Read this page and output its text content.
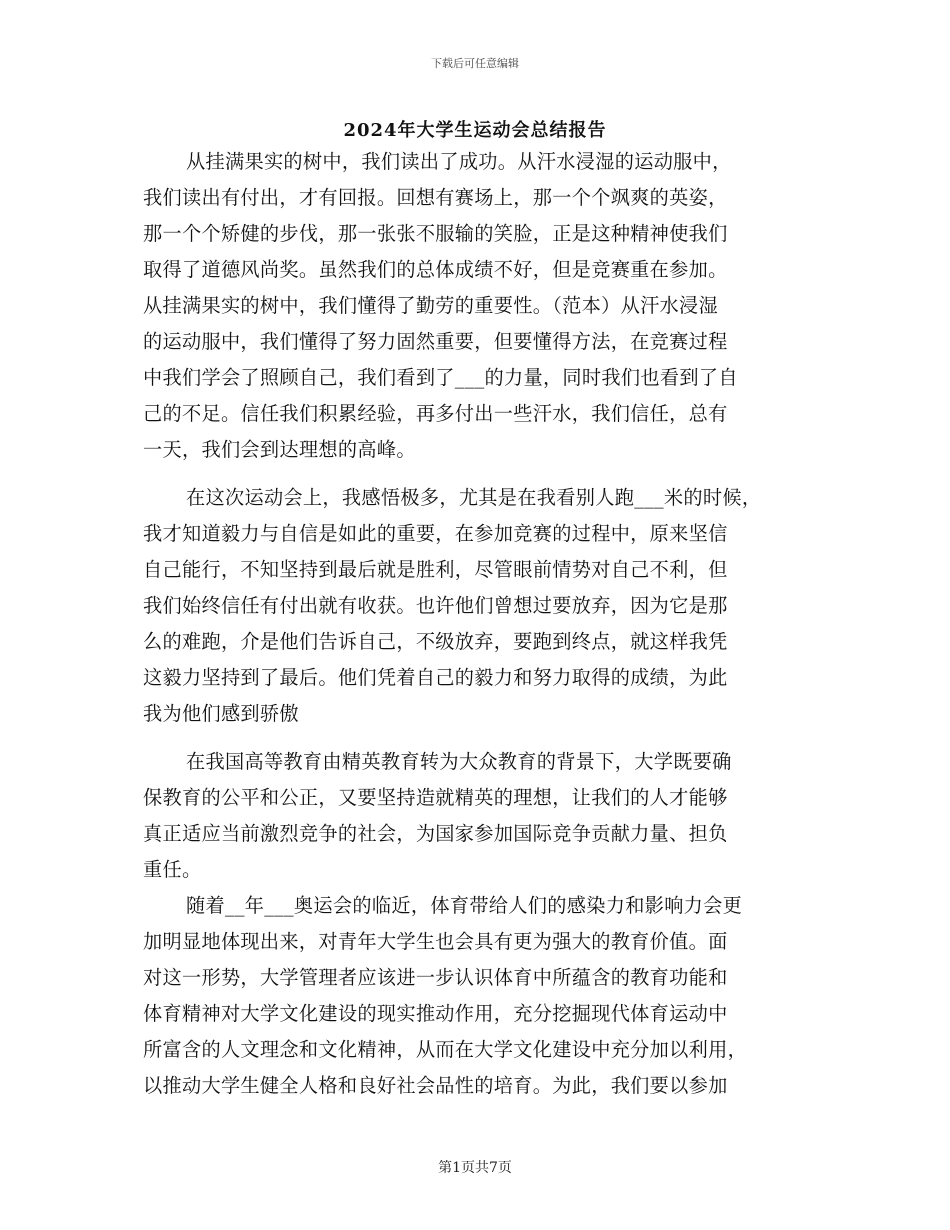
下载后可任意编辑
2024年大学生运动会总结报告
从挂满果实的树中，我们读出了成功。从汗水浸湿的运动服中，
我们读出有付出，才有回报。回想有赛场上，那一个个飒爽的英姿，
那一个个矫健的步伐，那一张张不服输的笑脸，正是这种精神使我们
取得了道德风尚奖。虽然我们的总体成绩不好，但是竞赛重在参加。
从挂满果实的树中，我们懂得了勤劳的重要性。（范本）从汗水浸湿
的运动服中，我们懂得了努力固然重要，但要懂得方法，在竞赛过程
中我们学会了照顾自己，我们看到了___的力量，同时我们也看到了自
己的不足。信任我们积累经验，再多付出一些汗水，我们信任，总有
一天，我们会到达理想的高峰。
在这次运动会上，我感悟极多，尤其是在我看别人跑___米的时候，
我才知道毅力与自信是如此的重要，在参加竞赛的过程中，原来坚信
自己能行，不知坚持到最后就是胜利，尽管眼前情势对自己不利，但
我们始终信任有付出就有收获。也许他们曾想过要放弃，因为它是那
么的难跑，介是他们告诉自己，不级放弃，要跑到终点，就这样我凭
这毅力坚持到了最后。他们凭着自己的毅力和努力取得的成绩，为此
我为他们感到骄傲
在我国高等教育由精英教育转为大众教育的背景下，大学既要确
保教育的公平和公正，又要坚持造就精英的理想，让我们的人才能够
真正适应当前激烈竞争的社会，为国家参加国际竞争贡献力量、担负
重任。
随着__年___奥运会的临近，体育带给人们的感染力和影响力会更
加明显地体现出来，对青年大学生也会具有更为强大的教育价值。面
对这一形势，大学管理者应该进一步认识体育中所蕴含的教育功能和
体育精神对大学文化建设的现实推动作用，充分挖掘现代体育运动中
所富含的人文理念和文化精神，从而在大学文化建设中充分加以利用，
以推动大学生健全人格和良好社会品性的培育。为此，我们要以参加
第1页共7页
